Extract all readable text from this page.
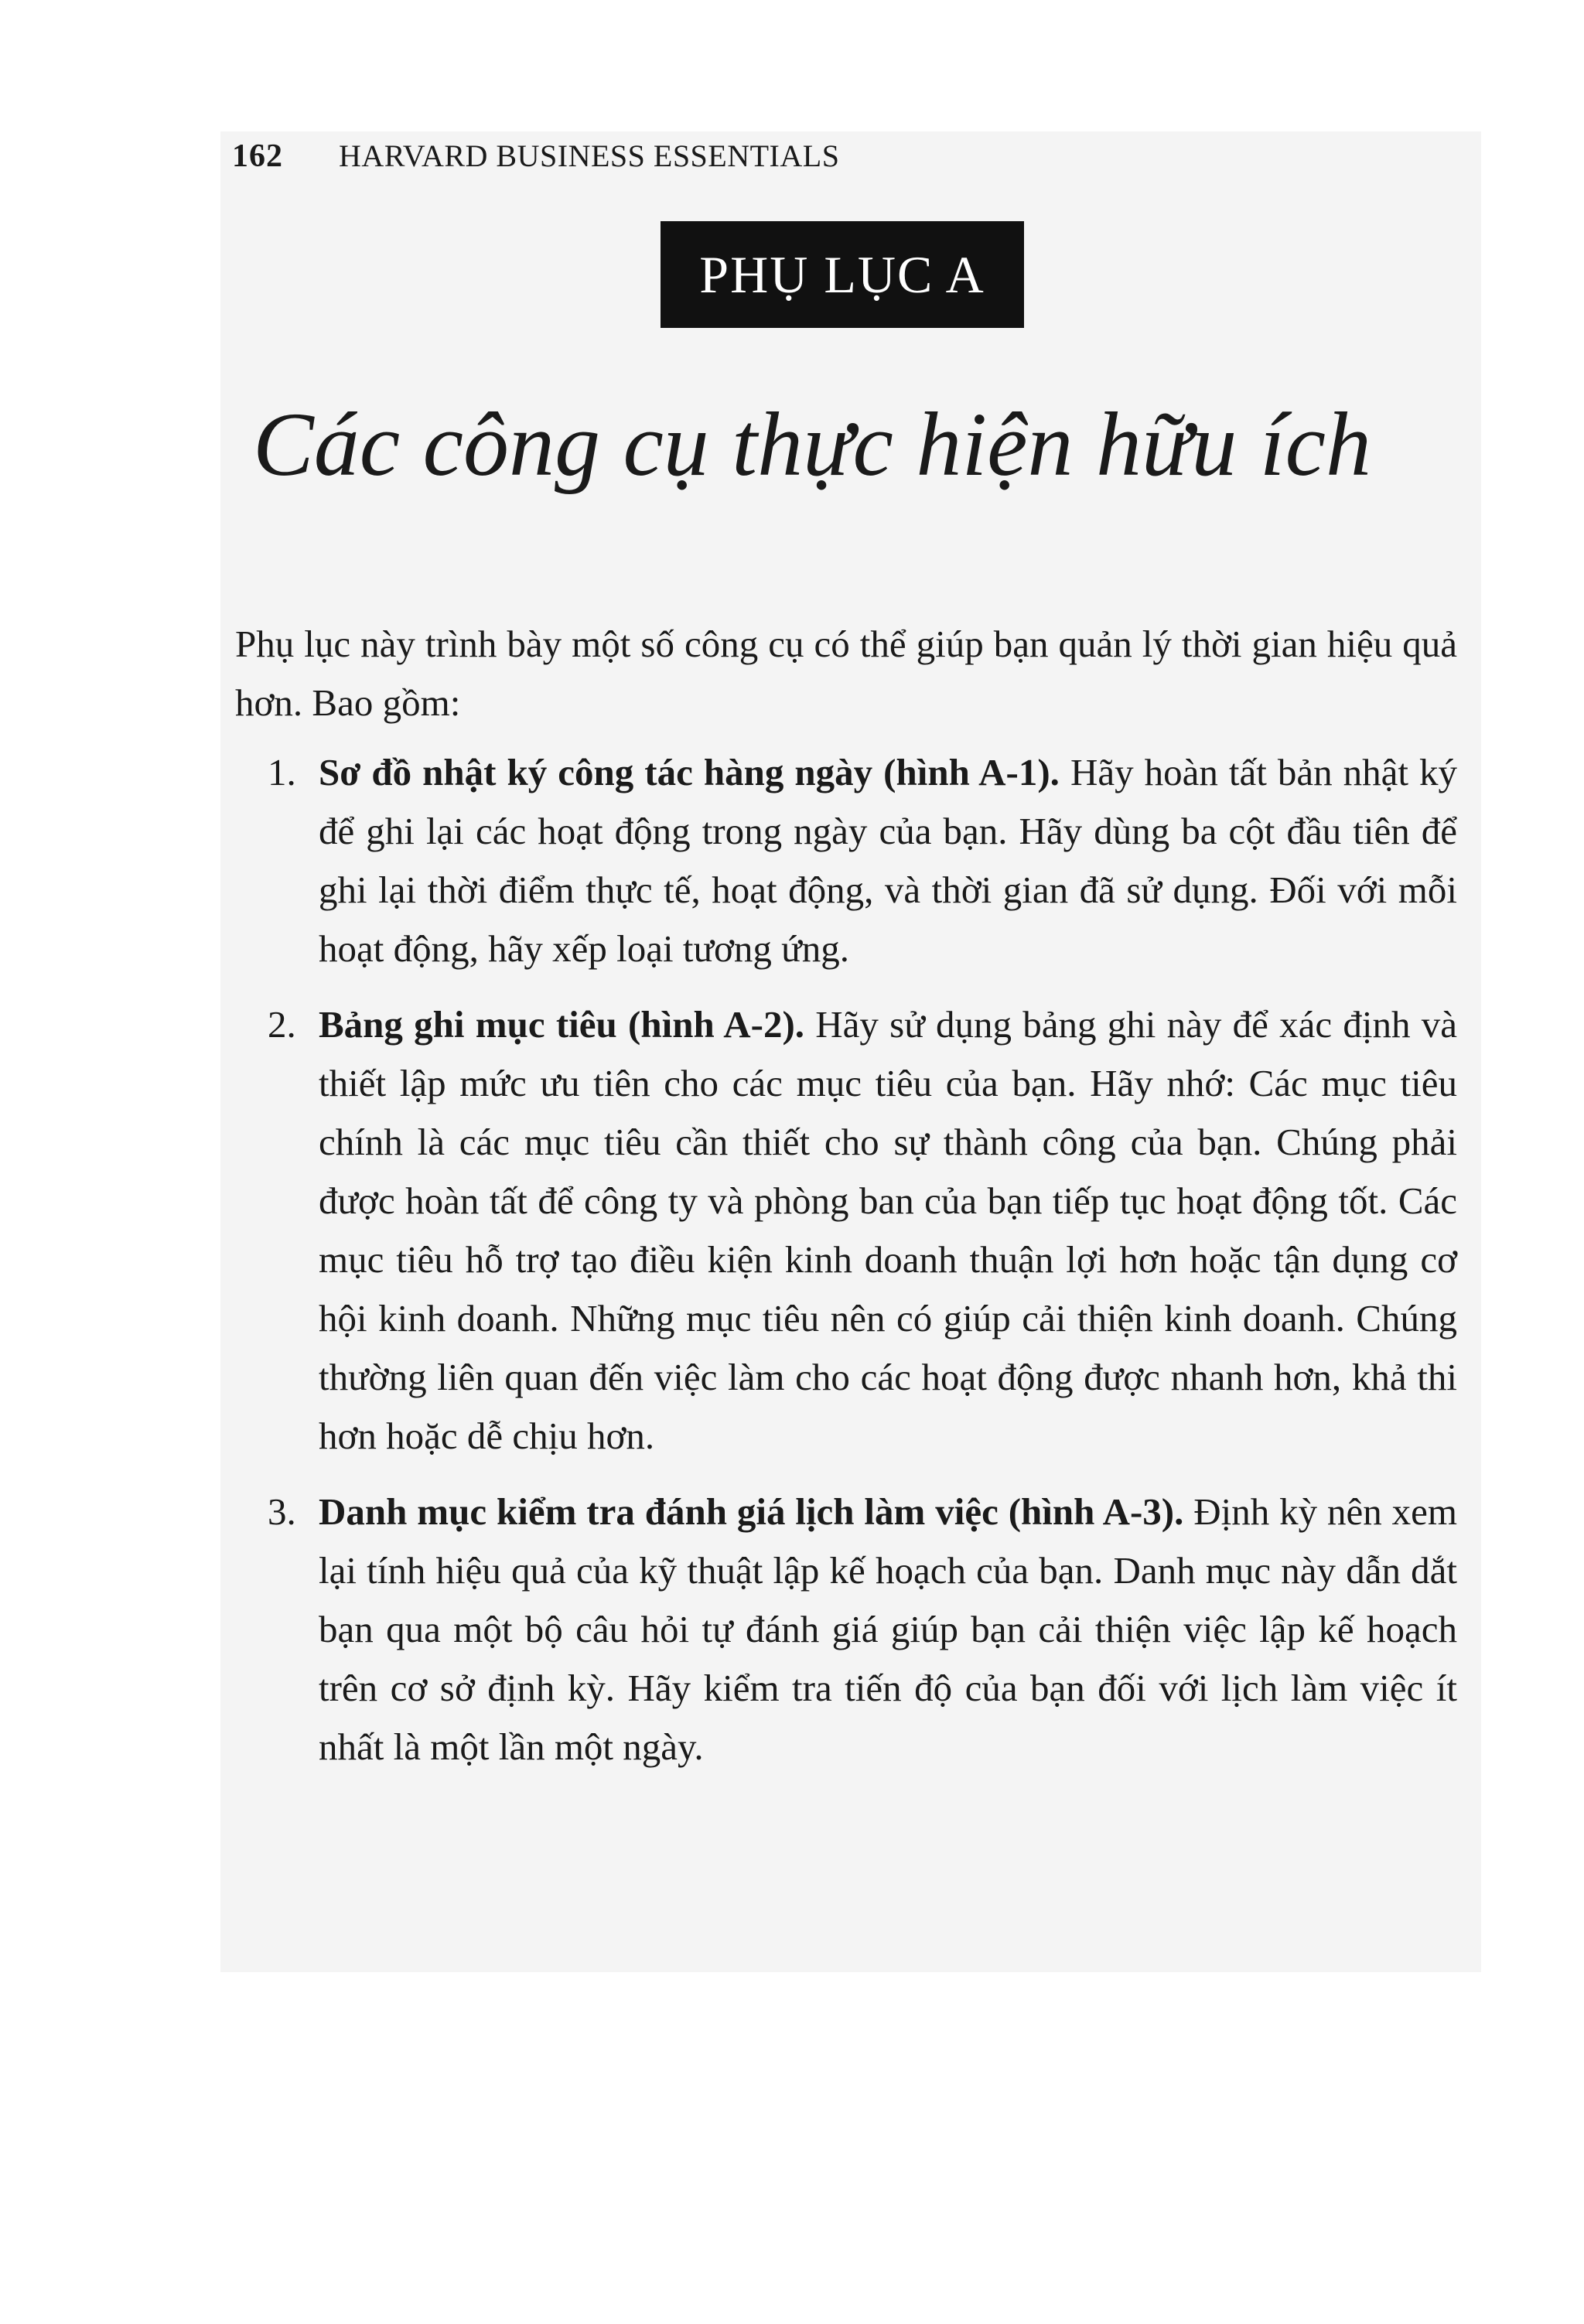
162 HARVARD BUSINESS ESSENTIALS
PHỤ LỤC A
Các công cụ thực hiện hữu ích

Phụ lục này trình bày một số công cụ có thể giúp bạn quản lý thời gian hiệu quả hơn. Bao gồm:

1. Sơ đồ nhật ký công tác hàng ngày (hình A-1). Hãy hoàn tất bản nhật ký để ghi lại các hoạt động trong ngày của bạn. Hãy dùng ba cột đầu tiên để ghi lại thời điểm thực tế, hoạt động, và thời gian đã sử dụng. Đối với mỗi hoạt động, hãy xếp loại tương ứng.
2. Bảng ghi mục tiêu (hình A-2). Hãy sử dụng bảng ghi này để xác định và thiết lập mức ưu tiên cho các mục tiêu của bạn. Hãy nhớ: Các mục tiêu chính là các mục tiêu cần thiết cho sự thành công của bạn. Chúng phải được hoàn tất để công ty và phòng ban của bạn tiếp tục hoạt động tốt. Các mục tiêu hỗ trợ tạo điều kiện kinh doanh thuận lợi hơn hoặc tận dụng cơ hội kinh doanh. Những mục tiêu nên có giúp cải thiện kinh doanh. Chúng thường liên quan đến việc làm cho các hoạt động được nhanh hơn, khả thi hơn hoặc dễ chịu hơn.
3. Danh mục kiểm tra đánh giá lịch làm việc (hình A-3). Định kỳ nên xem lại tính hiệu quả của kỹ thuật lập kế hoạch của bạn. Danh mục này dẫn dắt bạn qua một bộ câu hỏi tự đánh giá giúp bạn cải thiện việc lập kế hoạch trên cơ sở định kỳ. Hãy kiểm tra tiến độ của bạn đối với lịch làm việc ít nhất là một lần một ngày.
